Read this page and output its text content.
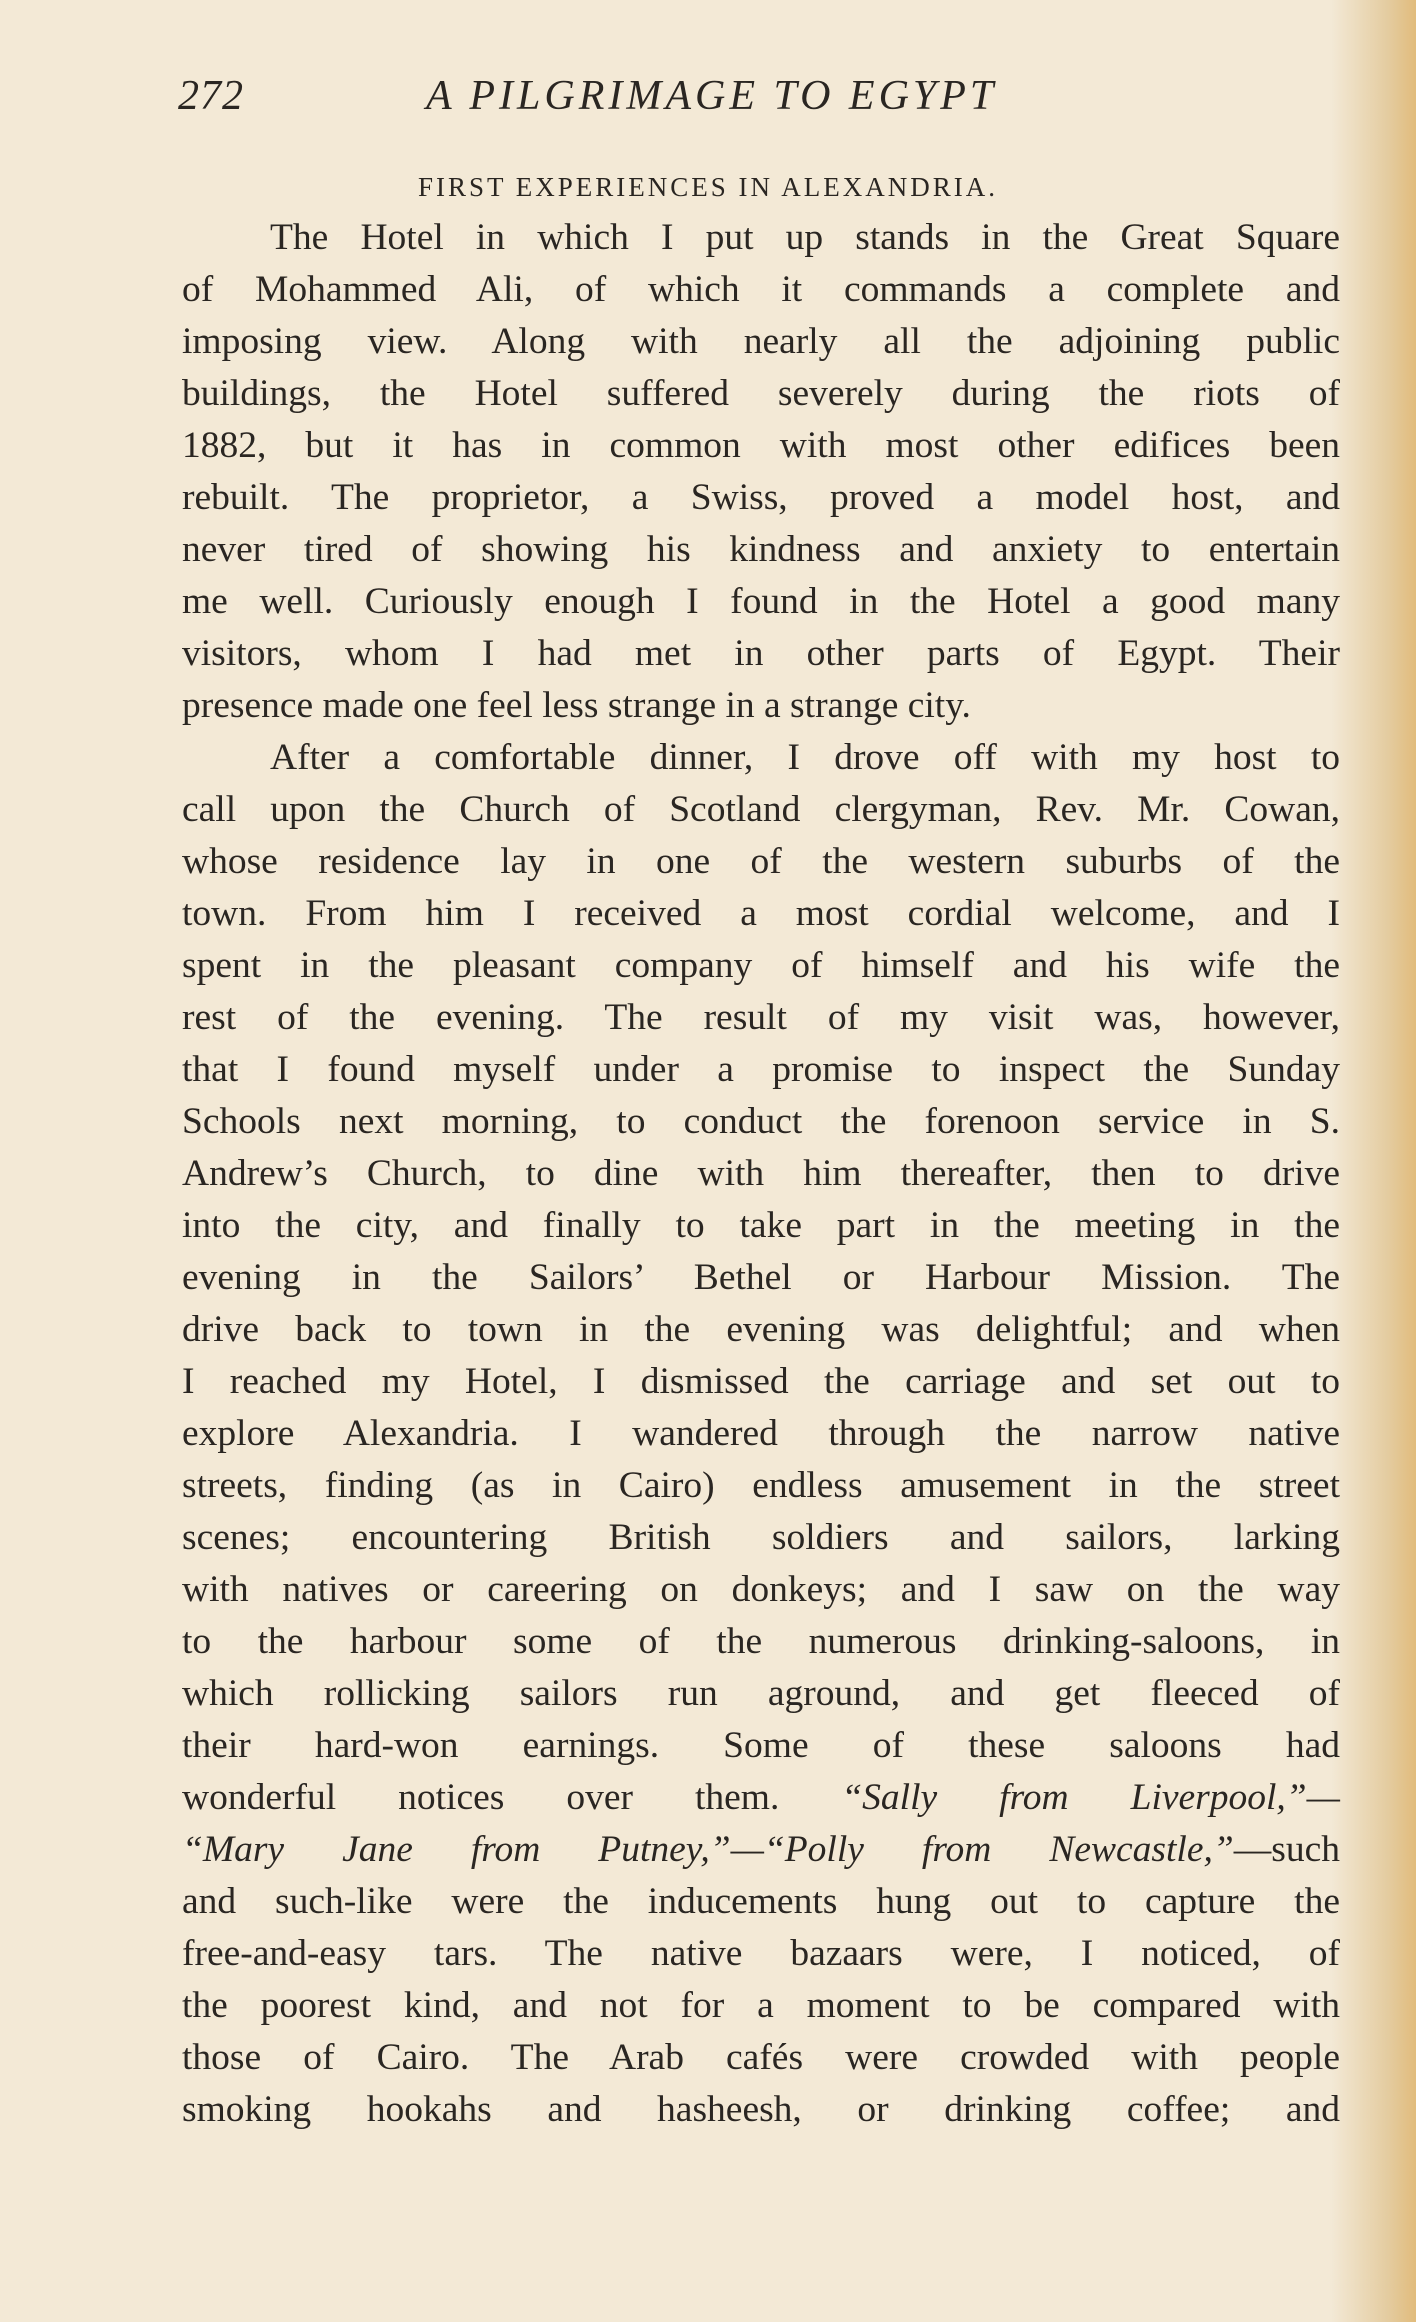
272	A PILGRIMAGE TO EGYPT
FIRST EXPERIENCES IN ALEXANDRIA.
The Hotel in which I put up stands in the Great Square
of Mohammed Ali, of which it commands a complete and
imposing view. Along with nearly all the adjoining public
buildings, the Hotel suffered severely during the riots of
1882, but it has in common with most other edifices been
rebuilt. The proprietor, a Swiss, proved a model host, and
never tired of showing his kindness and anxiety to entertain
me well. Curiously enough I found in the Hotel a good many
visitors, whom I had met in other parts of Egypt. Their
presence made one feel less strange in a strange city.
After a comfortable dinner, I drove off with my host to
call upon the Church of Scotland clergyman, Rev. Mr. Cowan,
whose residence lay in one of the western suburbs of the
town. From him I received a most cordial welcome, and I
spent in the pleasant company of himself and his wife the
rest of the evening. The result of my visit was, however,
that I found myself under a promise to inspect the Sunday
Schools next morning, to conduct the forenoon service in S.
Andrew’s Church, to dine with him thereafter, then to drive
into the city, and finally to take part in the meeting in the
evening in the Sailors’ Bethel or Harbour Mission. The
drive back to town in the evening was delightful; and when
I reached my Hotel, I dismissed the carriage and set out to
explore Alexandria. I wandered through the narrow native
streets, finding (as in Cairo) endless amusement in the street
scenes; encountering British soldiers and sailors, larking
with natives or careering on donkeys; and I saw on the way
to the harbour some of the numerous drinking-saloons, in
which rollicking sailors run aground, and get fleeced of
their hard-won earnings. Some of these saloons had
wonderful notices over them. “Sally from Liverpool,”—
“Mary Jane from Putney,”—“Polly from Newcastle,”—such
and such-like were the inducements hung out to capture the
free-and-easy tars. The native bazaars were, I noticed, of
the poorest kind, and not for a moment to be compared with
those of Cairo. The Arab cafés were crowded with people
smoking hookahs and hasheesh, or drinking coffee; and
